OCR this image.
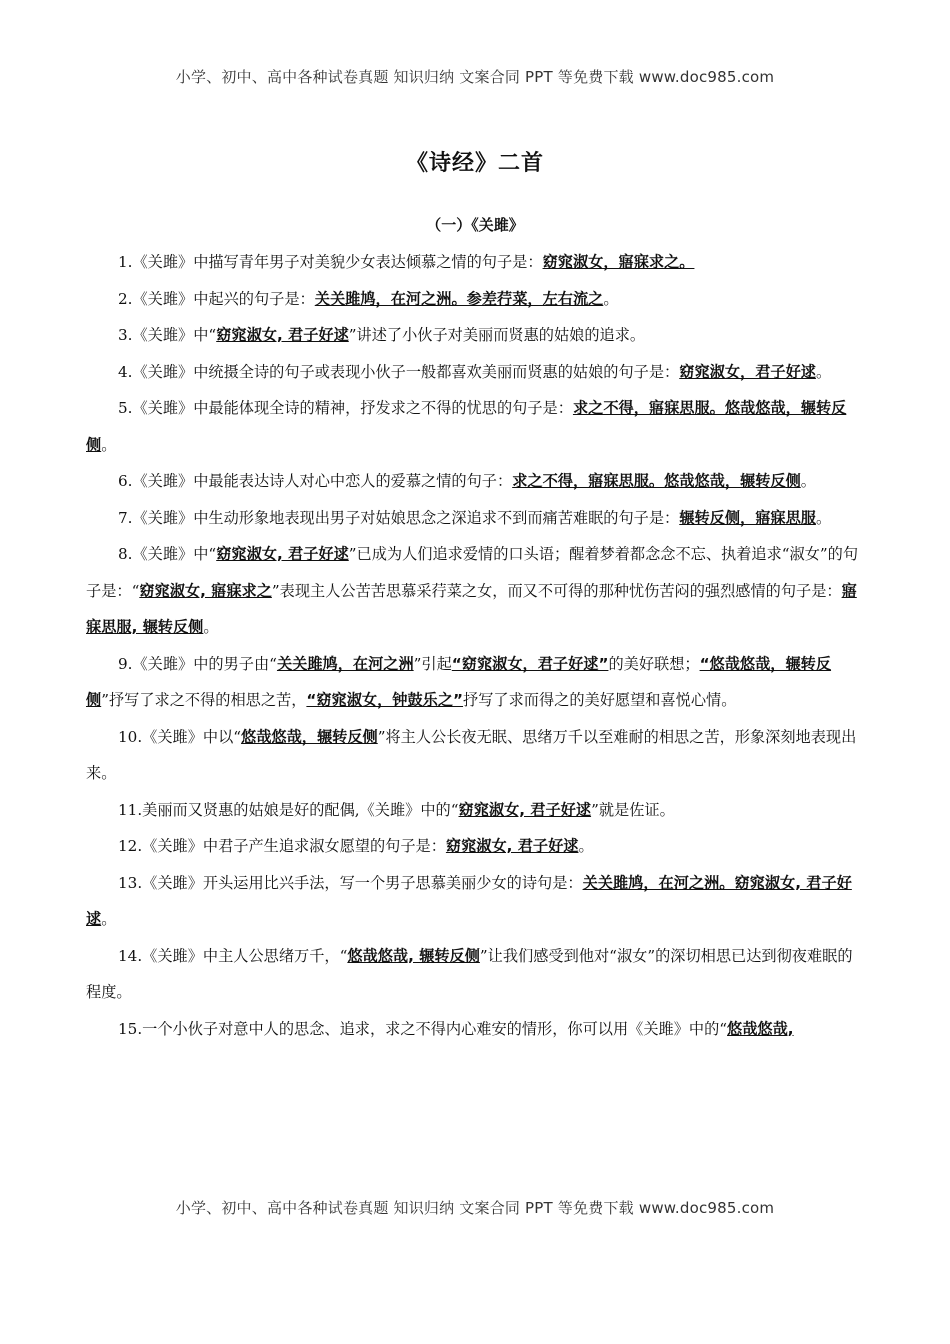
小学、初中、高中各种试卷真题 知识归纳 文案合同 PPT 等免费下载 www.doc985.com
《诗经》二首
（一）《关雎》

1.《关雎》中描写青年男子对美貌少女表达倾慕之情的句子是：窈窕淑女，寤寐求之。

2.《关雎》中起兴的句子是：关关雎鸠，在河之洲。参差荇菜，左右流之。

3.《关雎》中“窈窕淑女, 君子好逑”讲述了小伙子对美丽而贤惠的姑娘的追求。

4.《关雎》中统摄全诗的句子或表现小伙子一般都喜欢美丽而贤惠的姑娘的句子是：窈窕淑女，君子好逑。

5.《关雎》中最能体现全诗的精神，抒发求之不得的忧思的句子是：求之不得，寤寐思服。悠哉悠哉，辗转反侧。

6.《关雎》中最能表达诗人对心中恋人的爱慕之情的句子：求之不得，寤寐思服。悠哉悠哉，辗转反侧。

7.《关雎》中生动形象地表现出男子对姑娘思念之深追求不到而痛苦难眠的句子是：辗转反侧，寤寐思服。

8.《关雎》中“窈窕淑女, 君子好逑”已成为人们追求爱情的口头语；醒着梦着都念念不忘、执着追求“淑女”的句子是：“窈窕淑女, 寤寐求之”表现主人公苦苦思慕采荇菜之女，而又不可得的那种忧伤苦闷的强烈感情的句子是：寤寐思服, 辗转反侧。

9.《关雎》中的男子由“关关雎鸠，在河之洲”引起“窈窕淑女，君子好逑”的美好联想；“悠哉悠哉，辗转反侧”抒写了求之不得的相思之苦，“窈窕淑女，钟鼓乐之”抒写了求而得之的美好愿望和喜悦心情。

10.《关雎》中以“悠哉悠哉，辗转反侧”将主人公长夜无眠、思绪万千以至难耐的相思之苦，形象深刻地表现出来。

11.美丽而又贤惠的姑娘是好的配偶,《关雎》中的“窈窕淑女, 君子好逑”就是佐证。

12.《关雎》中君子产生追求淑女愿望的句子是：窈窕淑女, 君子好逑。

13.《关雎》开头运用比兴手法，写一个男子思慕美丽少女的诗句是：关关雎鸠，在河之洲。窈窕淑女, 君子好逑。

14.《关雎》中主人公思绪万千，“悠哉悠哉, 辗转反侧”让我们感受到他对“淑女”的深切相思已达到彻夜难眠的程度。

15.一个小伙子对意中人的思念、追求，求之不得内心难安的情形，你可以用《关雎》中的“悠哉悠哉,

小学、初中、高中各种试卷真题 知识归纳 文案合同 PPT 等免费下载 www.doc985.com
